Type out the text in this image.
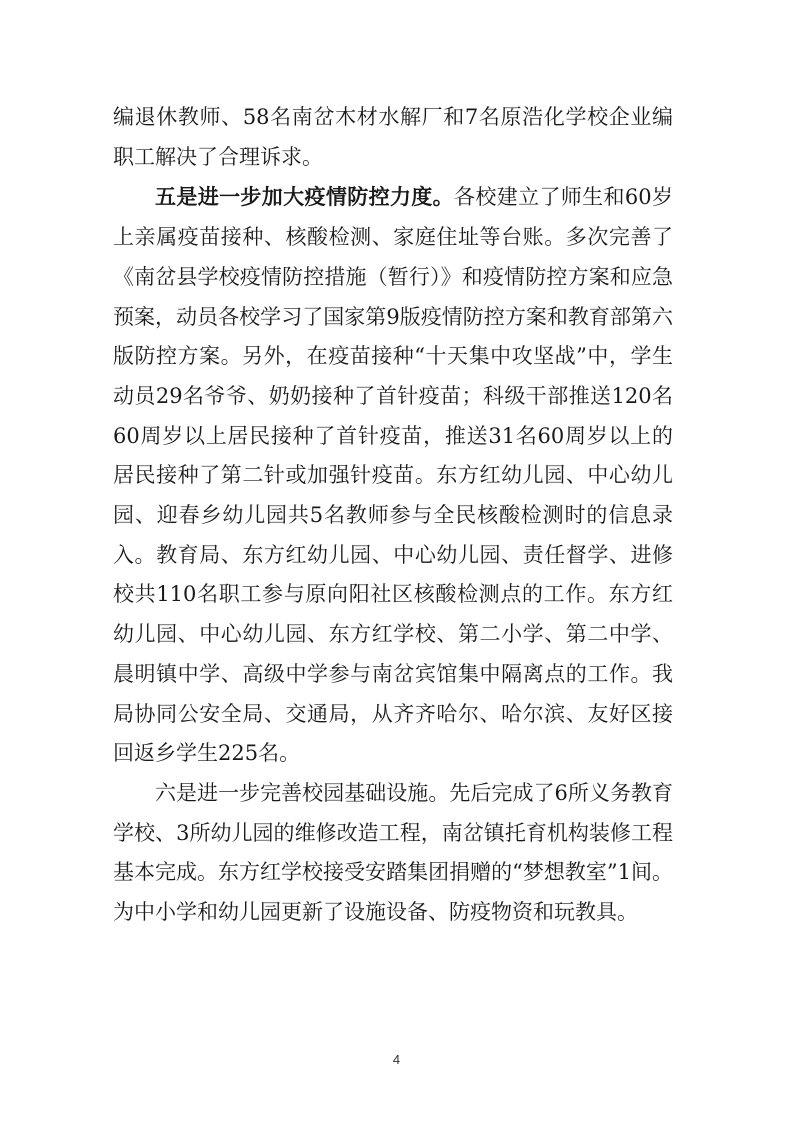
编退休教师、58名南岔木材水解厂和7名原浩化学校企业编职工解决了合理诉求。

五是进一步加大疫情防控力度。各校建立了师生和60岁上亲属疫苗接种、核酸检测、家庭住址等台账。多次完善了《南岔县学校疫情防控措施（暂行）》和疫情防控方案和应急预案，动员各校学习了国家第9版疫情防控方案和教育部第六版防控方案。另外，在疫苗接种“十天集中攻坚战”中，学生动员29名爷爷、奶奶接种了首针疫苗；科级干部推送120名60周岁以上居民接种了首针疫苗，推送31名60周岁以上的居民接种了第二针或加强针疫苗。东方红幼儿园、中心幼儿园、迎春乡幼儿园共5名教师参与全民核酸检测时的信息录入。教育局、东方红幼儿园、中心幼儿园、责任督学、进修校共110名职工参与原向阳社区核酸检测点的工作。东方红幼儿园、中心幼儿园、东方红学校、第二小学、第二中学、晨明镇中学、高级中学参与南岔宾馆集中隔离点的工作。我局协同公安全局、交通局，从齐齐哈尔、哈尔滨、友好区接回返乡学生225名。

六是进一步完善校园基础设施。先后完成了6所义务教育学校、3所幼儿园的维修改造工程，南岔镇托育机构装修工程基本完成。东方红学校接受安踏集团捐赠的“梦想教室”1间。为中小学和幼儿园更新了设施设备、防疫物资和玩教具。

4
